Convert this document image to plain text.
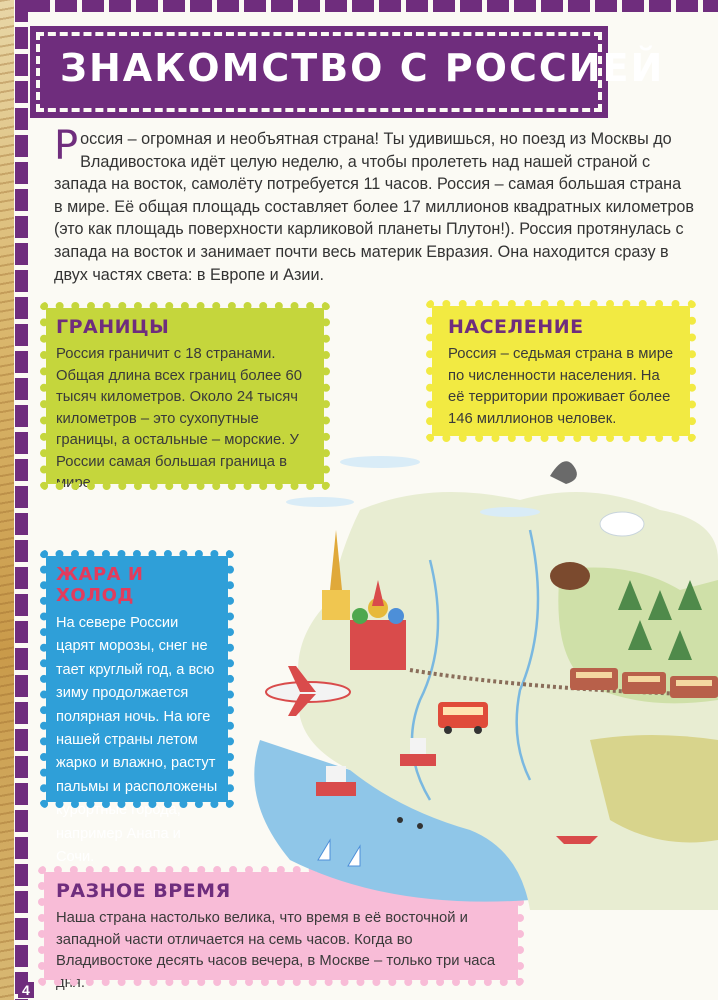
ЗНАКОМСТВО С РОССИЕЙ
Россия – огромная и необъятная страна! Ты удивишься, но поезд из Москвы до Владивостока идёт целую неделю, а чтобы пролететь над нашей страной с запада на восток, самолёту потребуется 11 часов. Россия – самая большая страна в мире. Её общая площадь составляет более 17 миллионов квадратных километров (это как площадь поверхности карликовой планеты Плутон!). Россия протянулась с запада на восток и занимает почти весь материк Евразия. Она находится сразу в двух частях света: в Европе и Азии.
ГРАНИЦЫ

Россия граничит с 18 странами. Общая длина всех границ более 60 тысяч километров. Около 24 тысяч километров – это сухопутные границы, а остальные – морские. У России самая большая граница в мире.

НАСЕЛЕНИЕ

Россия – седьмая страна в мире по численности населения. На её территории проживает более 146 миллионов человек.

ЖАРА И ХОЛОД

На севере России царят морозы, снег не тает круглый год, а всю зиму продолжается полярная ночь. На юге нашей страны летом жарко и влажно, растут пальмы и расположены курортные города, например Анапа и Сочи.

РАЗНОЕ ВРЕМЯ

Наша страна настолько велика, что время в её восточной и западной части отличается на семь часов. Когда во Владивостоке десять часов вечера, в Москве – только три часа дня.

4
